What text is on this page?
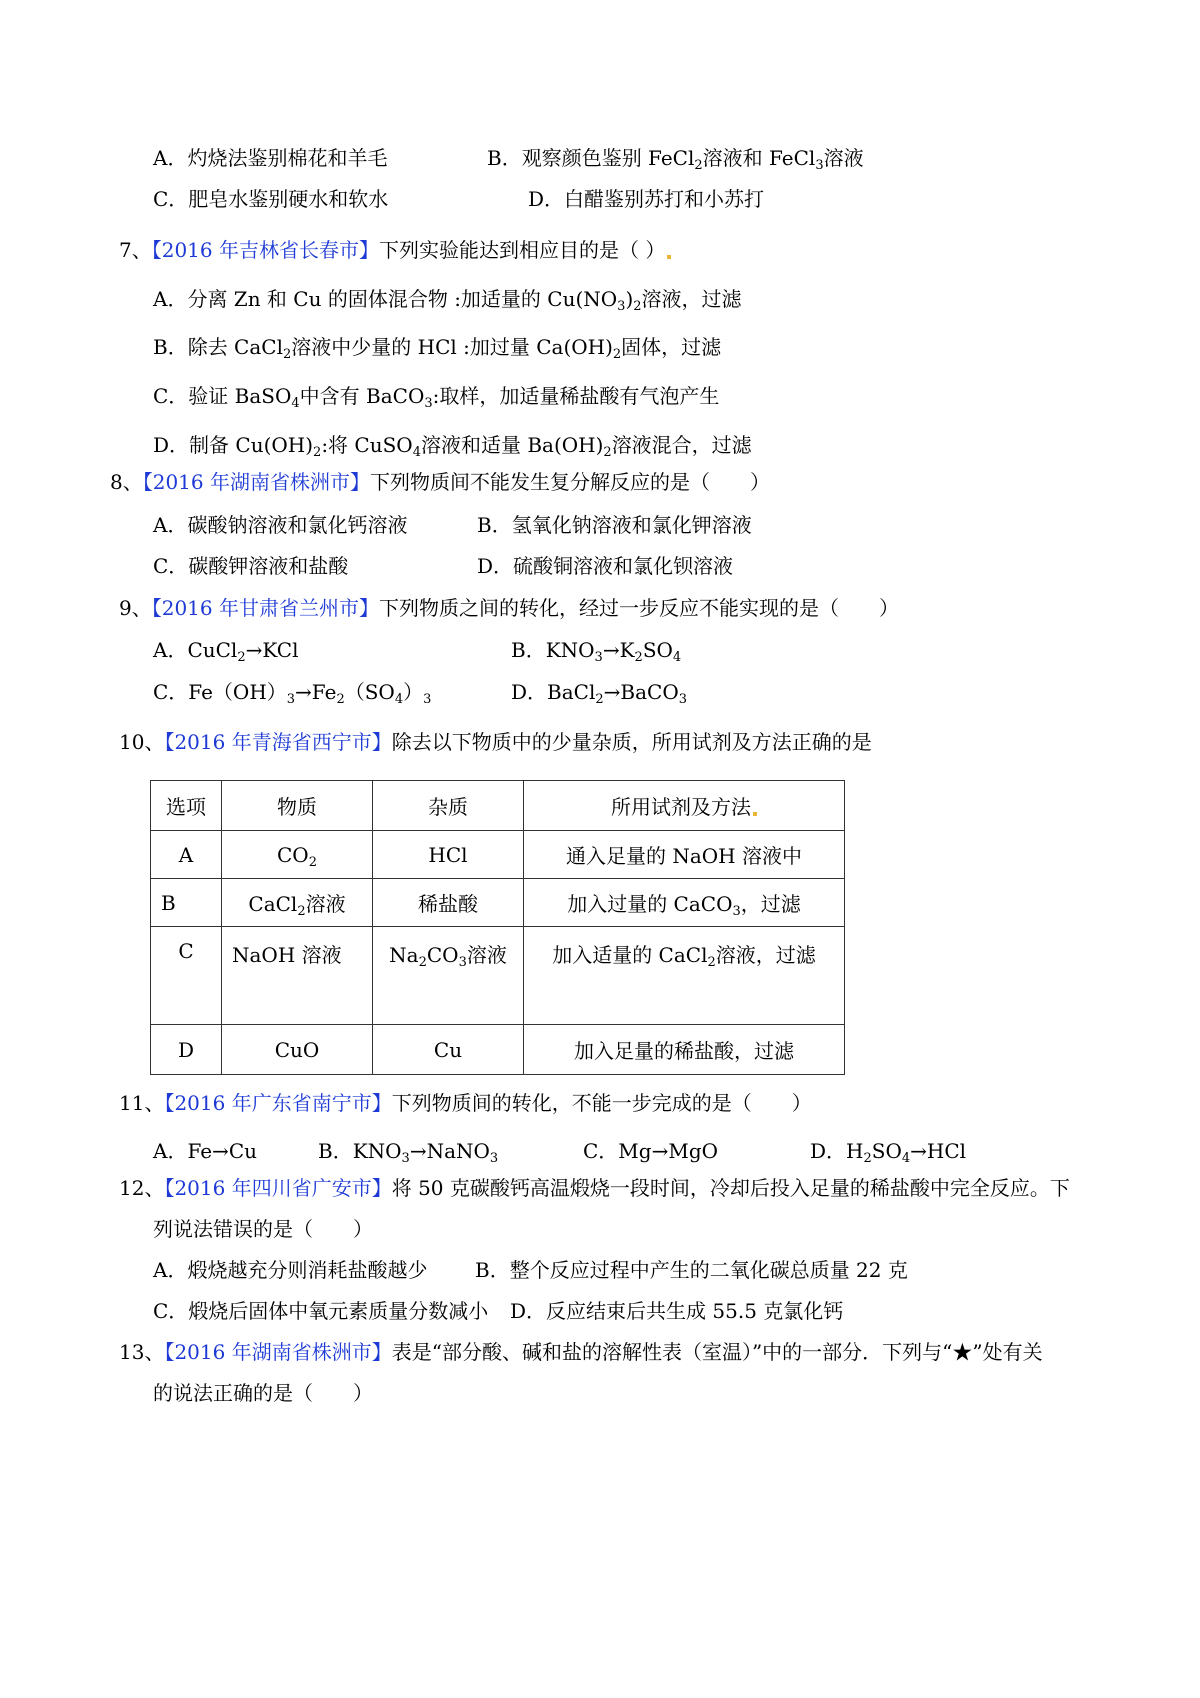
A．灼烧法鉴别棉花和羊毛	B．观察颜色鉴别 FeCl$_2$溶液和 FeCl$_3$溶液
C．肥皂水鉴别硬水和软水	D．白醋鉴别苏打和小苏打
7、【2016 年吉林省长春市】下列实验能达到相应目的是（ ）
A．分离 Zn 和 Cu 的固体混合物 :加适量的 $Cu(NO_3)_2$溶液，过滤
B．除去 CaCl$_2$溶液中少量的 HCl :加过量 $Ca(OH)_2$固体，过滤
C．验证 BaSO$_4$中含有 BaCO$_3$:取样，加适量稀盐酸有气泡产生
D．制备 $Cu(OH)_2$:将 CuSO$_4$溶液和适量 $Ba(OH)_2$溶液混合，过滤
8、【2016 年湖南省株洲市】下列物质间不能发生复分解反应的是（　　）
A．碳酸钠溶液和氯化钙溶液	B．氢氧化钠溶液和氯化钾溶液
C．碳酸钾溶液和盐酸	D．硫酸铜溶液和氯化钡溶液
9、【2016 年甘肃省兰州市】下列物质之间的转化，经过一步反应不能实现的是（　　）
A．CuCl$_2$→KCl	B．$KNO_3\to K_2SO_4$
C．$Fe(OH)_3\to Fe_2(SO_4)_3$	D．BaCl$_2$→BaCO$_3$
10、【2016 年青海省西宁市】除去以下物质中的少量杂质，所用试剂及方法正确的是
选项	物质	杂质	所用试剂及方法
A	$CO_2$	HCl	通入足量的 NaOH 溶液中
B	CaCl$_2$溶液	稀盐酸	加入过量的 CaCO$_3$，过滤
C	NaOH 溶液	$Na_2CO_3$溶液	加入适量的 CaCl$_2$溶液，过滤
D	CuO	Cu	加入足量的稀盐酸，过滤
11、【2016 年广东省南宁市】下列物质间的转化，不能一步完成的是（　　）
A．Fe→Cu	B．$KNO_3\to NaNO_3$	C．Mg→MgO	D．$H_2SO_4\to HCl$
12、【2016 年四川省广安市】将 50 克碳酸钙高温煅烧一段时间，冷却后投入足量的稀盐酸中完全反应。下
列说法错误的是（　　）
A．煅烧越充分则消耗盐酸越少 B．整个反应过程中产生的二氧化碳总质量 22 克
C．煅烧后固体中氧元素质量分数减小 D．反应结束后共生成 55.5 克氯化钙
13、【2016 年湖南省株洲市】表是“部分酸、碱和盐的溶解性表（室温）”中的一部分．下列与“★”处有关
的说法正确的是（　　）
